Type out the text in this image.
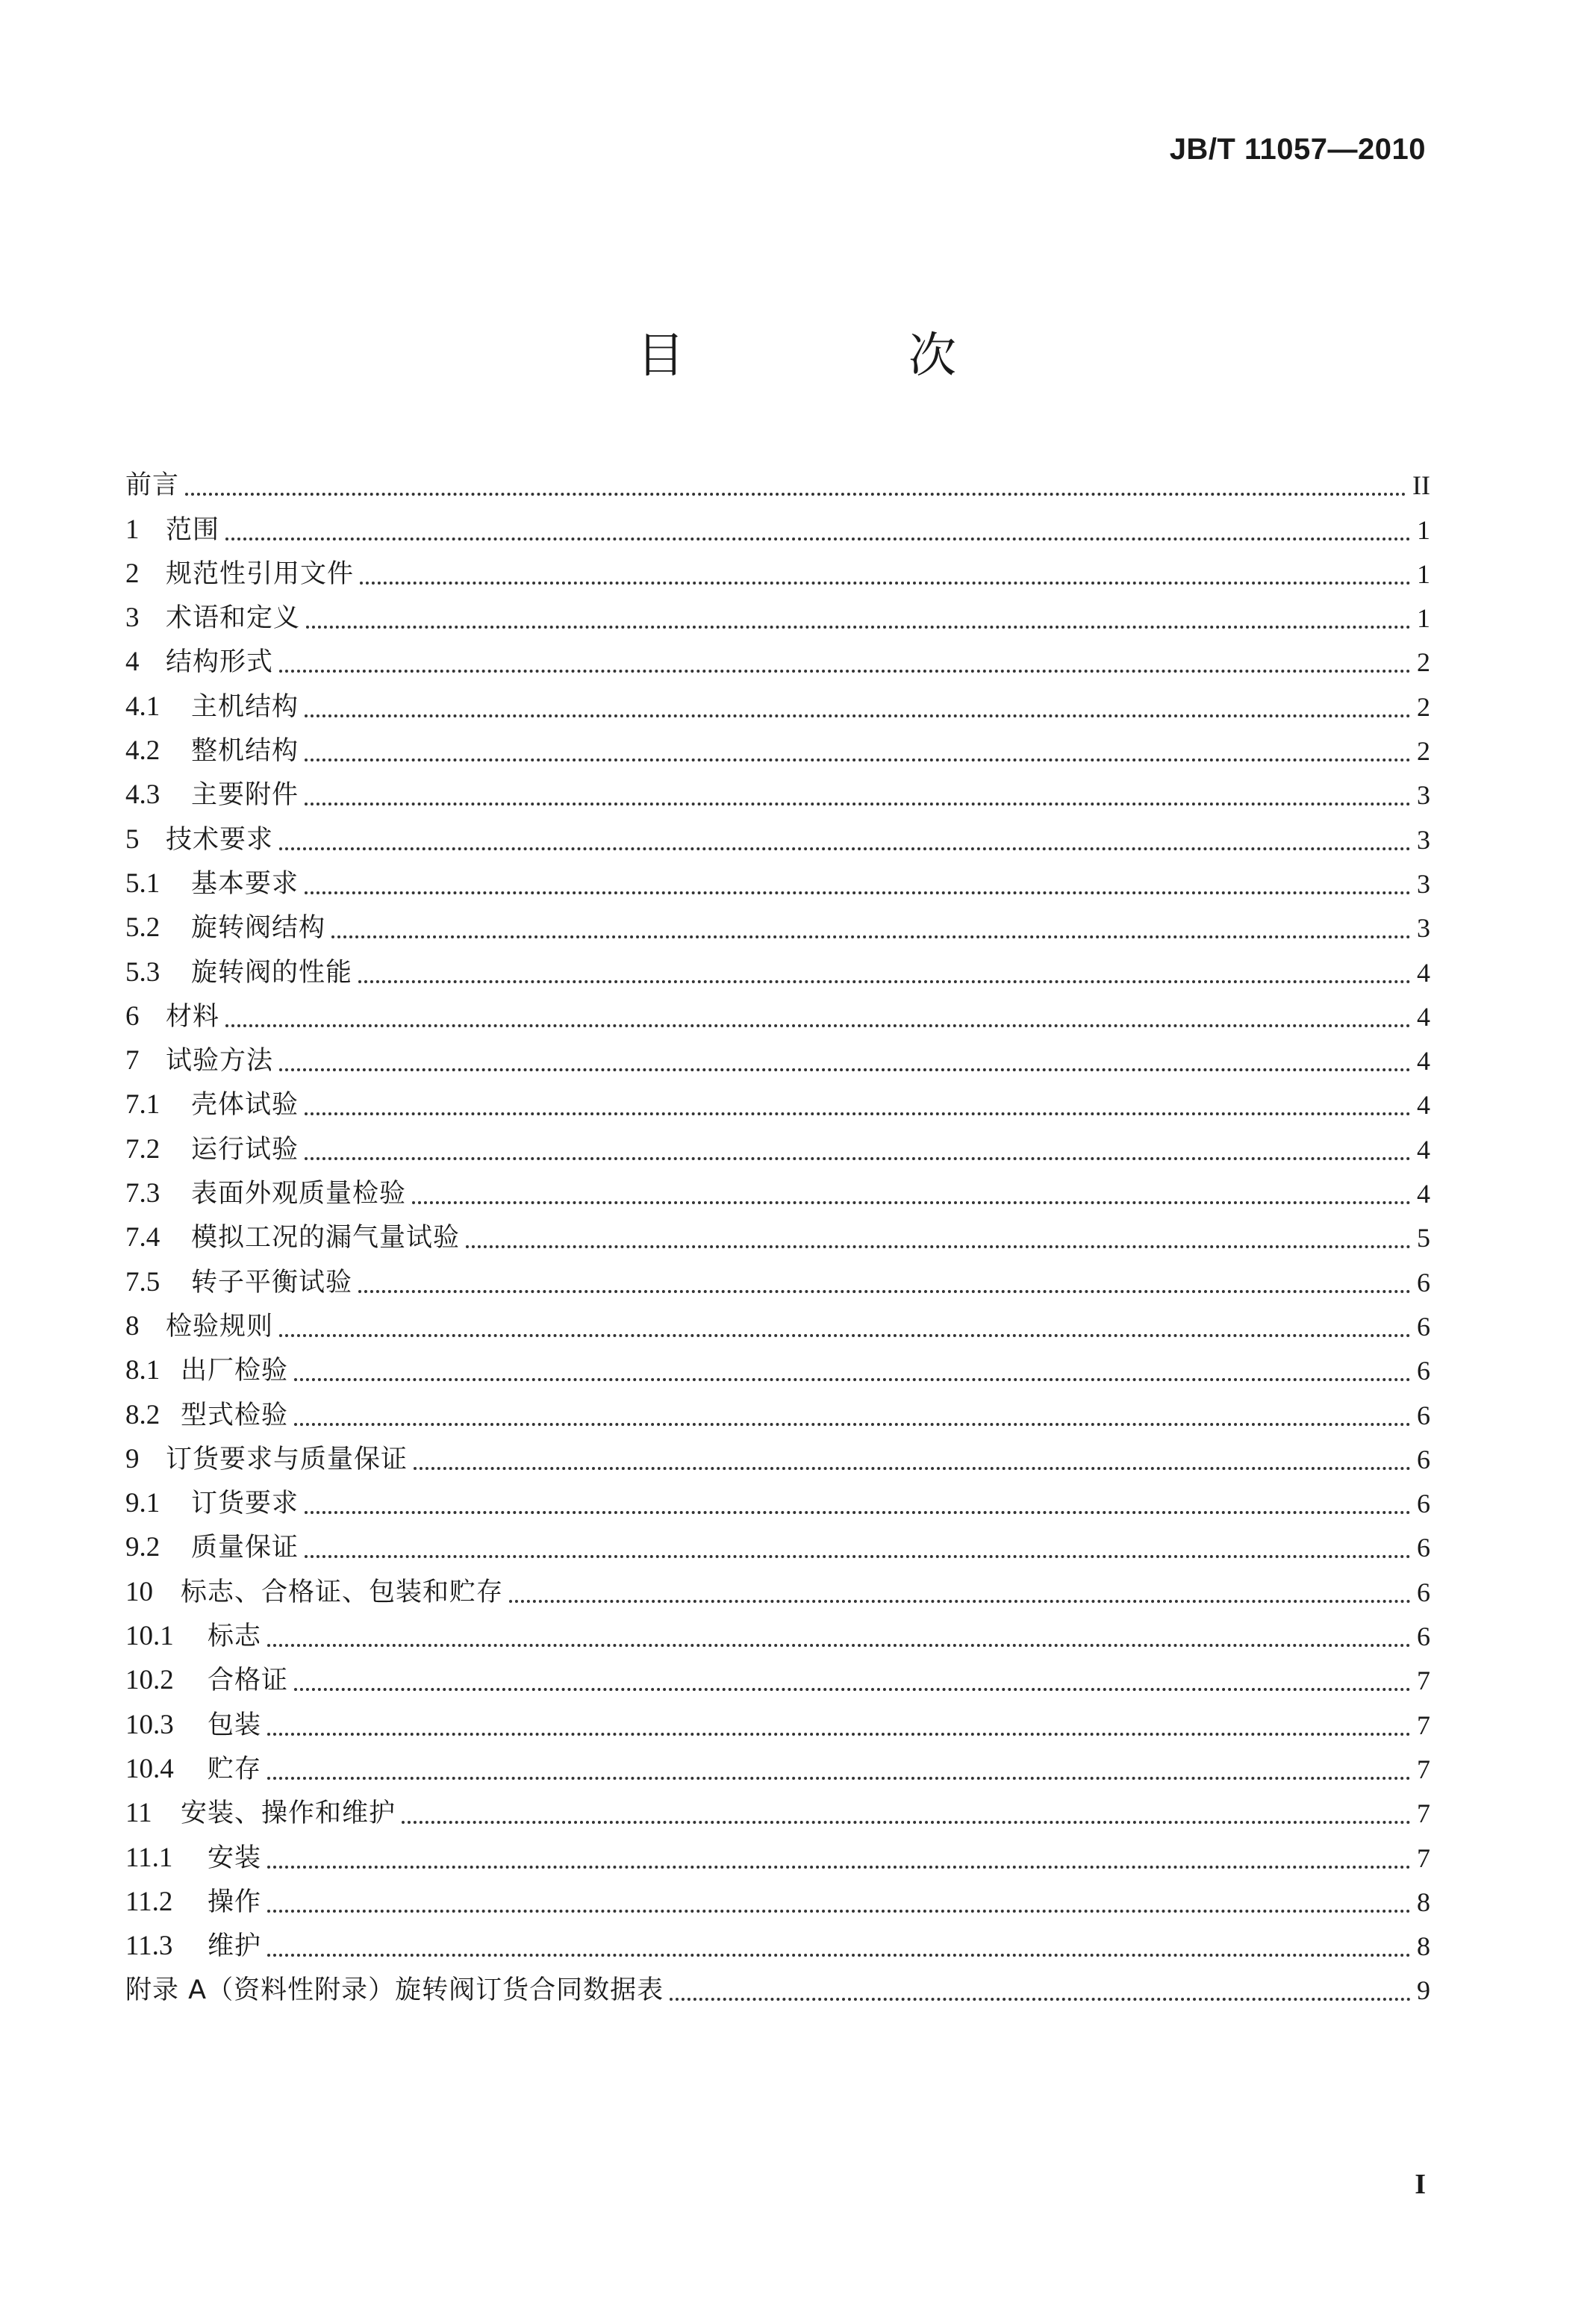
JB/T 11057—2010
目　次
前言	II
1	范围	1
2	规范性引用文件	1
3	术语和定义	1
4	结构形式	2
4.1	主机结构	2
4.2	整机结构	2
4.3	主要附件	3
5	技术要求	3
5.1	基本要求	3
5.2	旋转阀结构	3
5.3	旋转阀的性能	4
6	材料	4
7	试验方法	4
7.1	壳体试验	4
7.2	运行试验	4
7.3	表面外观质量检验	4
7.4	模拟工况的漏气量试验	5
7.5	转子平衡试验	6
8	检验规则	6
8.1 出厂检验	6
8.2 型式检验	6
9	订货要求与质量保证	6
9.1	订货要求	6
9.2	质量保证	6
10	标志、合格证、包装和贮存	6
10.1	标志	6
10.2	合格证	7
10.3	包装	7
10.4	贮存	7
11	安装、操作和维护	7
11.1	安装	7
11.2	操作	8
11.3	维护	8
附录 A（资料性附录）旋转阀订货合同数据表	9
I
